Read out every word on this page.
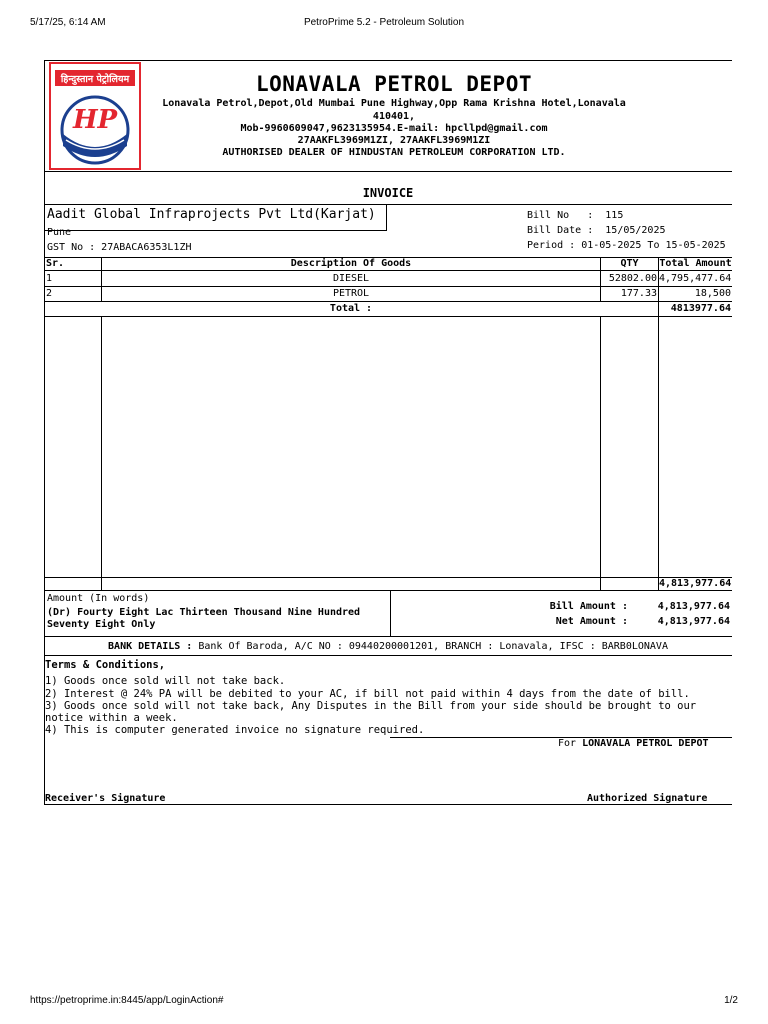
5/17/25, 6:14 AM	PetroPrime 5.2 - Petroleum Solution
हिन्दुस्तान पेट्रोलियम
HP
LONAVALA PETROL DEPOT
Lonavala Petrol,Depot,Old Mumbai Pune Highway,Opp Rama Krishna Hotel,Lonavala
410401,
Mob-9960609047,9623135954.E-mail: hpcllpd@gmail.com
27AAKFL3969M1ZI, 27AAKFL3969M1ZI
AUTHORISED DEALER OF HINDUSTAN PETROLEUM CORPORATION LTD.
INVOICE
Aadit Global Infraprojects Pvt Ltd(Karjat)
Pune
GST No : 27ABACA6353L1ZH
Bill No   : 115
Bill Date : 15/05/2025
Period : 01-05-2025 To 15-05-2025
Sr.	Description Of Goods	QTY	Total Amount
1	DIESEL	52802.00 4,795,477.64
2	PETROL	177.33	18,500
Total :	4813977.64
4,813,977.64
Amount (In words)
(Dr) Fourty Eight Lac Thirteen Thousand Nine Hundred
Seventy Eight Only
Bill Amount :	4,813,977.64
Net Amount :	4,813,977.64
BANK DETAILS : Bank Of Baroda, A/C NO : 09440200001201, BRANCH : Lonavala, IFSC : BARB0LONAVA
Terms & Conditions,
1) Goods once sold will not take back.
2) Interest @ 24% PA will be debited to your AC, if bill not paid within 4 days from the date of bill.
3) Goods once sold will not take back, Any Disputes in the Bill from your side should be brought to our notice within a week.
4) This is computer generated invoice no signature required.
For LONAVALA PETROL DEPOT
Receiver's Signature	Authorized Signature
https://petroprime.in:8445/app/LoginAction#	1/2
